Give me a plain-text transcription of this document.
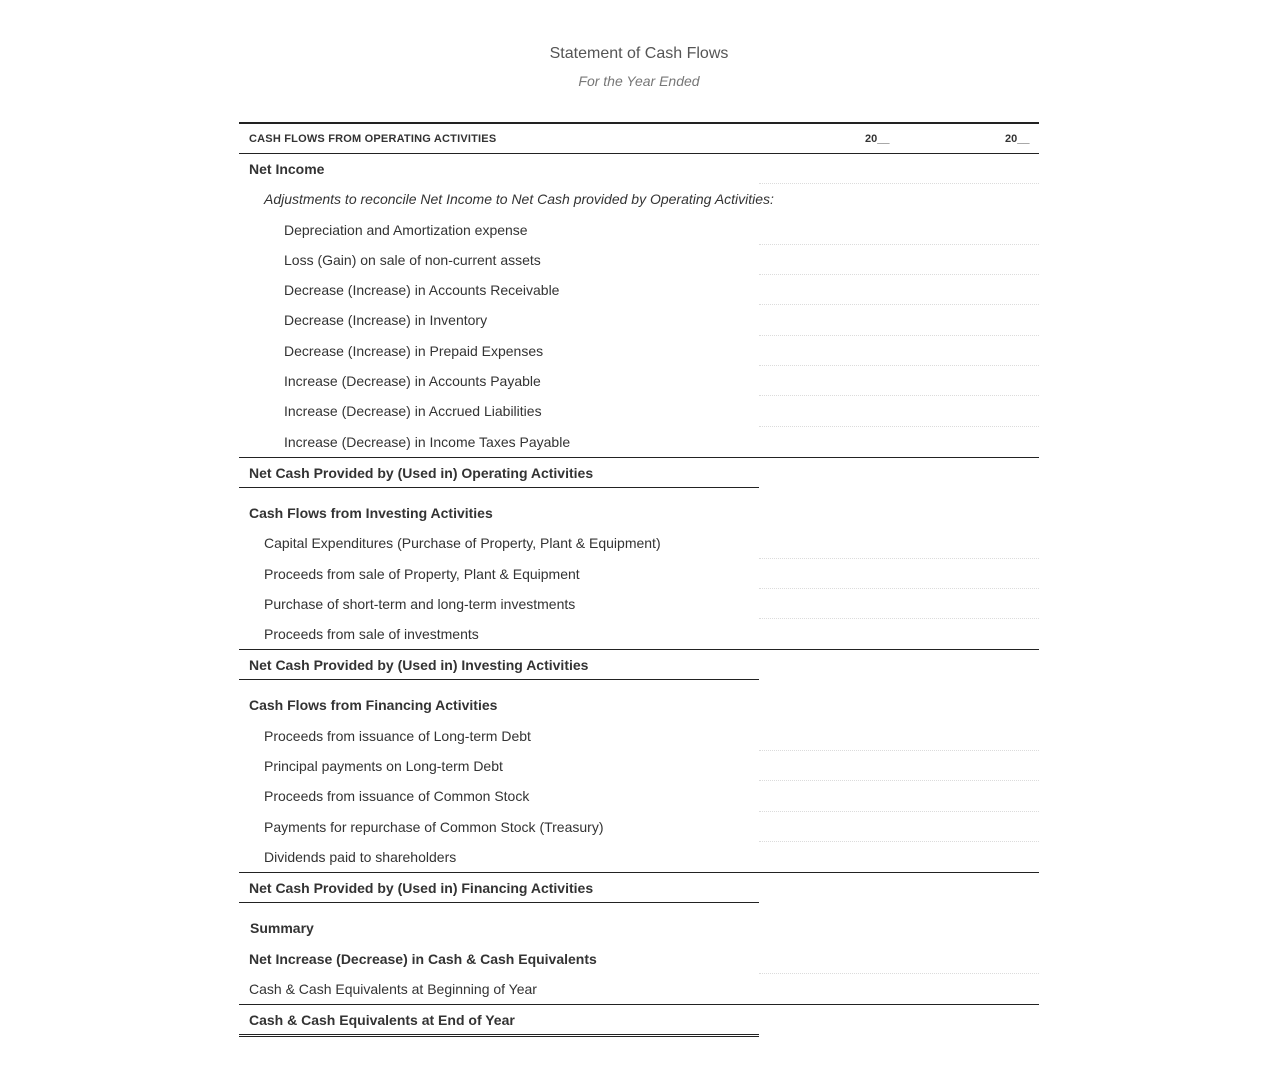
Statement of Cash Flows
For the Year Ended
CASH FLOWS FROM OPERATING ACTIVITIES	20__	20__
Net Income
Adjustments to reconcile Net Income to Net Cash provided by Operating Activities:
Depreciation and Amortization expense
Loss (Gain) on sale of non-current assets
Decrease (Increase) in Accounts Receivable
Decrease (Increase) in Inventory
Decrease (Increase) in Prepaid Expenses
Increase (Decrease) in Accounts Payable
Increase (Decrease) in Accrued Liabilities
Increase (Decrease) in Income Taxes Payable
Net Cash Provided by (Used in) Operating Activities
Cash Flows from Investing Activities
Capital Expenditures (Purchase of Property, Plant & Equipment)
Proceeds from sale of Property, Plant & Equipment
Purchase of short-term and long-term investments
Proceeds from sale of investments
Net Cash Provided by (Used in) Investing Activities
Cash Flows from Financing Activities
Proceeds from issuance of Long-term Debt
Principal payments on Long-term Debt
Proceeds from issuance of Common Stock
Payments for repurchase of Common Stock (Treasury)
Dividends paid to shareholders
Net Cash Provided by (Used in) Financing Activities
Summary
Net Increase (Decrease) in Cash & Cash Equivalents
Cash & Cash Equivalents at Beginning of Year
Cash & Cash Equivalents at End of Year
